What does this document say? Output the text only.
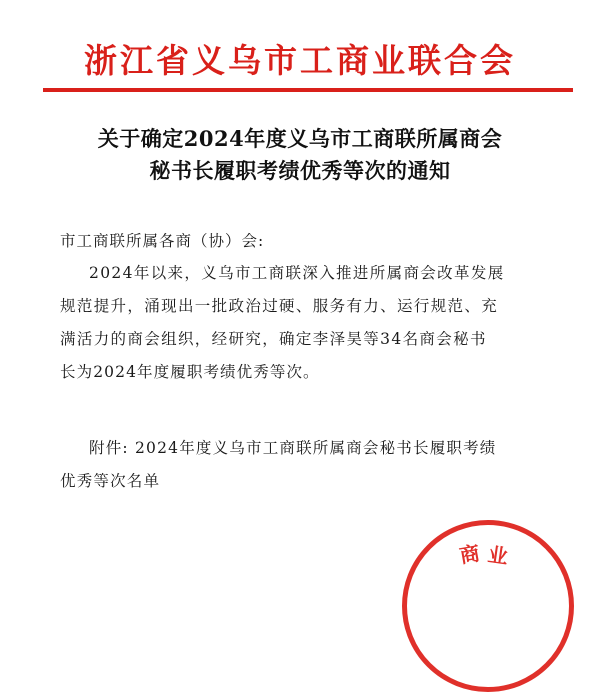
浙江省义乌市工商业联合会
关于确定2024年度义乌市工商联所属商会
秘书长履职考绩优秀等次的通知
市工商联所属各商（协）会:
2024年以来，义乌市工商联深入推进所属商会改革发展
规范提升，涌现出一批政治过硬、服务有力、运行规范、充
满活力的商会组织，经研究，确定李泽昊等34名商会秘书
长为2024年度履职考绩优秀等次。
附件: 2024年度义乌市工商联所属商会秘书长履职考绩
优秀等次名单
商 业
